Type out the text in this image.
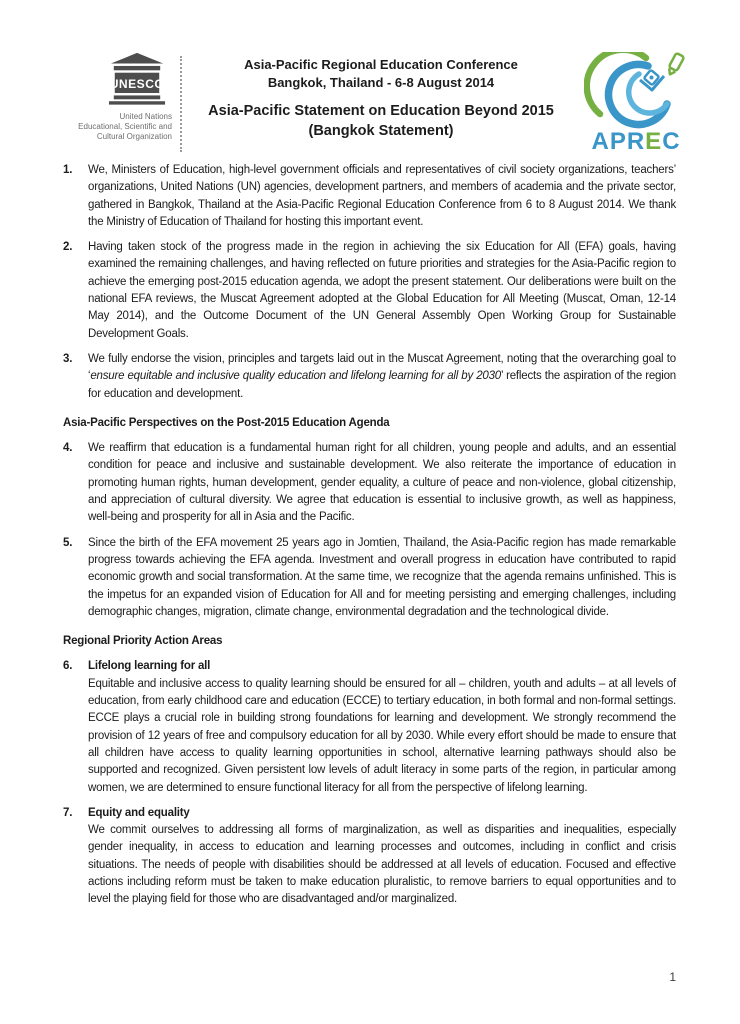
UNESCO
United Nations
Educational, Scientific and
Cultural Organization
Asia-Pacific Regional Education Conference
Bangkok, Thailand - 6-8 August 2014
Asia-Pacific Statement on Education Beyond 2015
(Bangkok Statement)	APREC
1.	We, Ministers of Education, high-level government officials and representatives of civil society organizations, teachers’ organizations, United Nations (UN) agencies, development partners, and members of academia and the private sector, gathered in Bangkok, Thailand at the Asia-Pacific Regional Education Conference from 6 to 8 August 2014. We thank the Ministry of Education of Thailand for hosting this important event.
2.	Having taken stock of the progress made in the region in achieving the six Education for All (EFA) goals, having examined the remaining challenges, and having reflected on future priorities and strategies for the Asia-Pacific region to achieve the emerging post-2015 education agenda, we adopt the present statement. Our deliberations were built on the national EFA reviews, the Muscat Agreement adopted at the Global Education for All Meeting (Muscat, Oman, 12-14 May 2014), and the Outcome Document of the UN General Assembly Open Working Group for Sustainable Development Goals.
3.	We fully endorse the vision, principles and targets laid out in the Muscat Agreement, noting that the overarching goal to ‘ensure equitable and inclusive quality education and lifelong learning for all by 2030’ reflects the aspiration of the region for education and development.
Asia-Pacific Perspectives on the Post-2015 Education Agenda
4.	We reaffirm that education is a fundamental human right for all children, young people and adults, and an essential condition for peace and inclusive and sustainable development. We also reiterate the importance of education in promoting human rights, human development, gender equality, a culture of peace and non-violence, global citizenship, and appreciation of cultural diversity. We agree that education is essential to inclusive growth, as well as happiness, well-being and prosperity for all in Asia and the Pacific.
5.	Since the birth of the EFA movement 25 years ago in Jomtien, Thailand, the Asia-Pacific region has made remarkable progress towards achieving the EFA agenda. Investment and overall progress in education have contributed to rapid economic growth and social transformation. At the same time, we recognize that the agenda remains unfinished. This is the impetus for an expanded vision of Education for All and for meeting persisting and emerging challenges, including demographic changes, migration, climate change, environmental degradation and the technological divide.
Regional Priority Action Areas
6.	Lifelong learning for all
Equitable and inclusive access to quality learning should be ensured for all – children, youth and adults – at all levels of education, from early childhood care and education (ECCE) to tertiary education, in both formal and non-formal settings. ECCE plays a crucial role in building strong foundations for learning and development. We strongly recommend the provision of 12 years of free and compulsory education for all by 2030. While every effort should be made to ensure that all children have access to quality learning opportunities in school, alternative learning pathways should also be supported and recognized. Given persistent low levels of adult literacy in some parts of the region, in particular among women, we are determined to ensure functional literacy for all from the perspective of lifelong learning.
7.	Equity and equality
We commit ourselves to addressing all forms of marginalization, as well as disparities and inequalities, especially gender inequality, in access to education and learning processes and outcomes, including in conflict and crisis situations. The needs of people with disabilities should be addressed at all levels of education. Focused and effective actions including reform must be taken to make education pluralistic, to remove barriers to equal opportunities and to level the playing field for those who are disadvantaged and/or marginalized.
1
